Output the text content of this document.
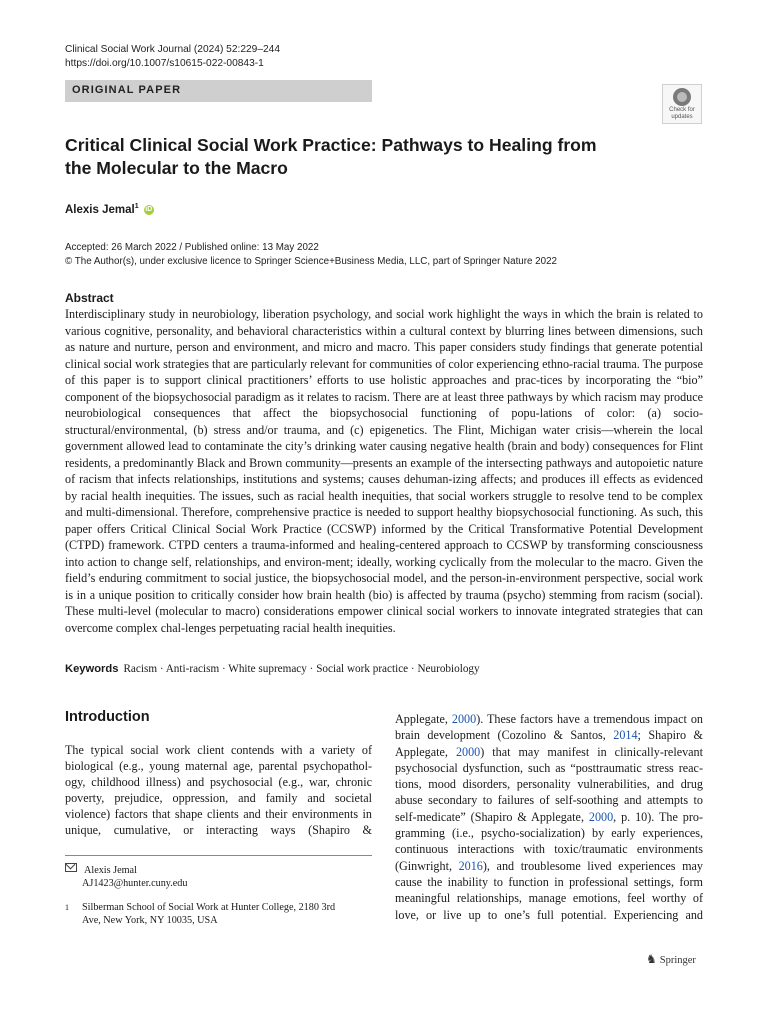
Clinical Social Work Journal (2024) 52:229–244
https://doi.org/10.1007/s10615-022-00843-1
ORIGINAL PAPER
Check for updates
Critical Clinical Social Work Practice: Pathways to Healing from the Molecular to the Macro
Alexis Jemal$^1$ iD
Accepted: 26 March 2022 / Published online: 13 May 2022
© The Author(s), under exclusive licence to Springer Science+Business Media, LLC, part of Springer Nature 2022
Abstract
Interdisciplinary study in neurobiology, liberation psychology, and social work highlight the ways in which the brain is related to various cognitive, personality, and behavioral characteristics within a cultural context by blurring lines between dimensions, such as nature and nurture, person and environment, and micro and macro. This paper considers study findings that generate potential clinical social work strategies that are particularly relevant for communities of color experiencing ethno-racial trauma. The purpose of this paper is to support clinical practitioners’ efforts to use holistic approaches and prac-tices by incorporating the “bio” component of the biopsychosocial paradigm as it relates to racism. There are at least three pathways by which racism may produce neurobiological consequences that affect the biopsychosocial functioning of popu-lations of color: (a) socio-structural/environmental, (b) stress and/or trauma, and (c) epigenetics. The Flint, Michigan water crisis—wherein the local government allowed lead to contaminate the city’s drinking water causing negative health (brain and body) consequences for Flint residents, a predominantly Black and Brown community—presents an example of the intersecting pathways and autopoietic nature of racism that infects relationships, institutions and systems; causes dehuman-izing affects; and produces ill effects as evidenced by racial health inequities. The issues, such as racial health inequities, that social workers struggle to resolve tend to be complex and multi-dimensional. Therefore, comprehensive practice is needed to support healthy biopsychosocial functioning. As such, this paper offers Critical Clinical Social Work Practice (CCSWP) informed by the Critical Transformative Potential Development (CTPD) framework. CTPD centers a trauma-informed and healing-centered approach to CCSWP by transforming consciousness into action to change self, relationships, and environ-ment; ideally, working cyclically from the molecular to the macro. Given the field’s enduring commitment to social justice, the biopsychosocial model, and the person-in-environment perspective, social work is in a unique position to critically consider how brain health (bio) is affected by trauma (psycho) stemming from racism (social). These multi-level (molecular to macro) considerations empower clinical social workers to innovate integrated strategies that can overcome complex chal-lenges perpetuating racial health inequities.
Keywords Racism · Anti-racism · White supremacy · Social work practice · Neurobiology
Introduction
The typical social work client contends with a variety of biological (e.g., young maternal age, parental psychopathol-ogy, childhood illness) and psychosocial (e.g., war, chronic poverty, prejudice, oppression, and family and societal violence) factors that shape clients and their environments in unique, cumulative, or interacting ways (Shapiro &
Applegate, 2000). These factors have a tremendous impact on brain development (Cozolino & Santos, 2014; Shapiro & Applegate, 2000) that may manifest in clinically-relevant psychosocial dysfunction, such as “posttraumatic stress reac-tions, mood disorders, personality vulnerabilities, and drug abuse secondary to failures of self-soothing and attempts to self-medicate” (Shapiro & Applegate, 2000, p. 10). The pro-gramming (i.e., psycho-socialization) by early experiences, continuous interactions with toxic/traumatic environments (Ginwright, 2016), and troublesome lived experiences may cause the inability to function in professional settings, form meaningful relationships, manage emotions, feel worthy of love, or live up to one’s full potential. Experiencing and
Alexis Jemal
AJ1423@hunter.cuny.edu
1 Silberman School of Social Work at Hunter College, 2180 3rd Ave, New York, NY 10035, USA
♞ Springer
